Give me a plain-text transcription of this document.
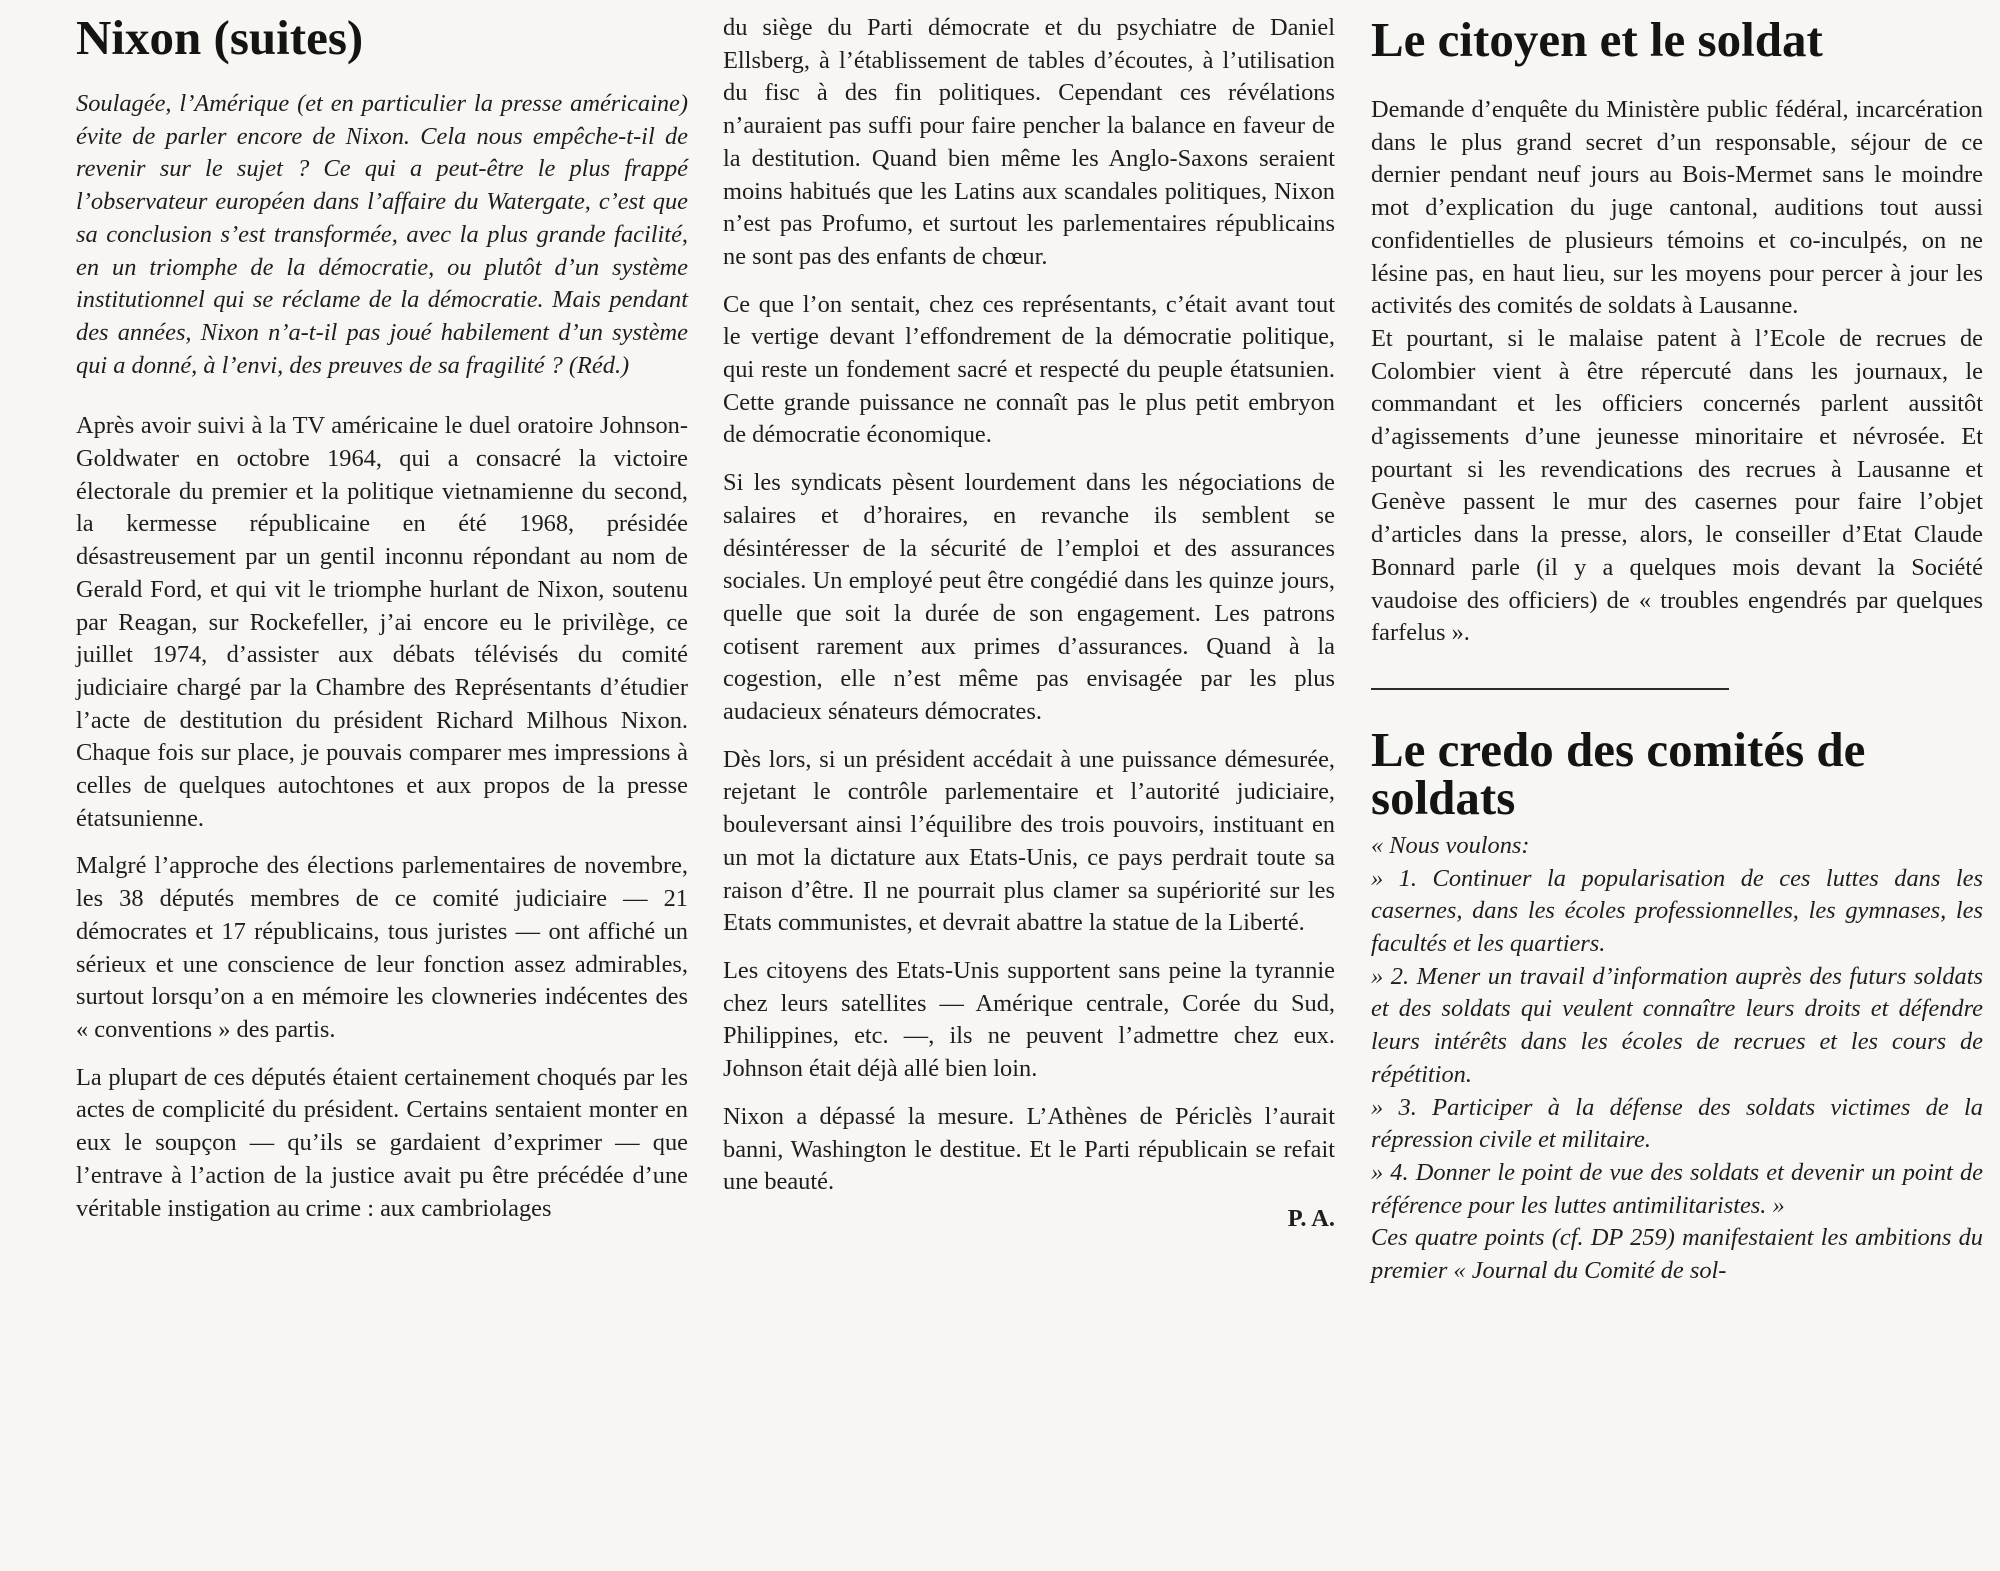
Nixon (suites)

Soulagée, l’Amérique (et en particulier la presse américaine) évite de parler encore de Nixon. Cela nous empêche-t-il de revenir sur le sujet ? Ce qui a peut-être le plus frappé l’observateur européen dans l’affaire du Watergate, c’est que sa conclusion s’est transformée, avec la plus grande facilité, en un triomphe de la démocratie, ou plutôt d’un système institutionnel qui se réclame de la démocratie. Mais pendant des années, Nixon n’a-t-il pas joué habilement d’un système qui a donné, à l’envi, des preuves de sa fragilité ? (Réd.)

Après avoir suivi à la TV américaine le duel oratoire Johnson-Goldwater en octobre 1964, qui a consacré la victoire électorale du premier et la politique vietnamienne du second, la kermesse républicaine en été 1968, présidée désastreusement par un gentil inconnu répondant au nom de Gerald Ford, et qui vit le triomphe hurlant de Nixon, soutenu par Reagan, sur Rockefeller, j’ai encore eu le privilège, ce juillet 1974, d’assister aux débats télévisés du comité judiciaire chargé par la Chambre des Représentants d’étudier l’acte de destitution du président Richard Milhous Nixon. Chaque fois sur place, je pouvais comparer mes impressions à celles de quelques autochtones et aux propos de la presse étatsunienne.

Malgré l’approche des élections parlementaires de novembre, les 38 députés membres de ce comité judiciaire — 21 démocrates et 17 républicains, tous juristes — ont affiché un sérieux et une conscience de leur fonction assez admirables, surtout lorsqu’on a en mémoire les clowneries indécentes des « conventions » des partis.

La plupart de ces députés étaient certainement choqués par les actes de complicité du président. Certains sentaient monter en eux le soupçon — qu’ils se gardaient d’exprimer — que l’entrave à l’action de la justice avait pu être précédée d’une véritable instigation au crime : aux cambriolages

du siège du Parti démocrate et du psychiatre de Daniel Ellsberg, à l’établissement de tables d’écoutes, à l’utilisation du fisc à des fin politiques. Cependant ces révélations n’auraient pas suffi pour faire pencher la balance en faveur de la destitution. Quand bien même les Anglo-Saxons seraient moins habitués que les Latins aux scandales politiques, Nixon n’est pas Profumo, et surtout les parlementaires républicains ne sont pas des enfants de chœur.

Ce que l’on sentait, chez ces représentants, c’était avant tout le vertige devant l’effondrement de la démocratie politique, qui reste un fondement sacré et respecté du peuple étatsunien. Cette grande puissance ne connaît pas le plus petit embryon de démocratie économique.

Si les syndicats pèsent lourdement dans les négociations de salaires et d’horaires, en revanche ils semblent se désintéresser de la sécurité de l’emploi et des assurances sociales. Un employé peut être congédié dans les quinze jours, quelle que soit la durée de son engagement. Les patrons cotisent rarement aux primes d’assurances. Quand à la cogestion, elle n’est même pas envisagée par les plus audacieux sénateurs démocrates.

Dès lors, si un président accédait à une puissance démesurée, rejetant le contrôle parlementaire et l’autorité judiciaire, bouleversant ainsi l’équilibre des trois pouvoirs, instituant en un mot la dictature aux Etats-Unis, ce pays perdrait toute sa raison d’être. Il ne pourrait plus clamer sa supériorité sur les Etats communistes, et devrait abattre la statue de la Liberté.

Les citoyens des Etats-Unis supportent sans peine la tyrannie chez leurs satellites — Amérique centrale, Corée du Sud, Philippines, etc. —, ils ne peuvent l’admettre chez eux. Johnson était déjà allé bien loin.

Nixon a dépassé la mesure. L’Athènes de Périclès l’aurait banni, Washington le destitue. Et le Parti républicain se refait une beauté.

P. A.
Le citoyen et le soldat

Demande d’enquête du Ministère public fédéral, incarcération dans le plus grand secret d’un responsable, séjour de ce dernier pendant neuf jours au Bois-Mermet sans le moindre mot d’explication du juge cantonal, auditions tout aussi confidentielles de plusieurs témoins et co-inculpés, on ne lésine pas, en haut lieu, sur les moyens pour percer à jour les activités des comités de soldats à Lausanne.

Et pourtant, si le malaise patent à l’Ecole de recrues de Colombier vient à être répercuté dans les journaux, le commandant et les officiers concernés parlent aussitôt d’agissements d’une jeunesse minoritaire et névrosée. Et pourtant si les revendications des recrues à Lausanne et Genève passent le mur des casernes pour faire l’objet d’articles dans la presse, alors, le conseiller d’Etat Claude Bonnard parle (il y a quelques mois devant la Société vaudoise des officiers) de « troubles engendrés par quelques farfelus ».

Le credo des comités de soldats

« Nous voulons:

» 1. Continuer la popularisation de ces luttes dans les casernes, dans les écoles professionnelles, les gymnases, les facultés et les quartiers.

» 2. Mener un travail d’information auprès des futurs soldats et des soldats qui veulent connaître leurs droits et défendre leurs intérêts dans les écoles de recrues et les cours de répétition.

» 3. Participer à la défense des soldats victimes de la répression civile et militaire.

» 4. Donner le point de vue des soldats et devenir un point de référence pour les luttes antimilitaristes. »

Ces quatre points (cf. DP 259) manifestaient les ambitions du premier « Journal du Comité de sol-
